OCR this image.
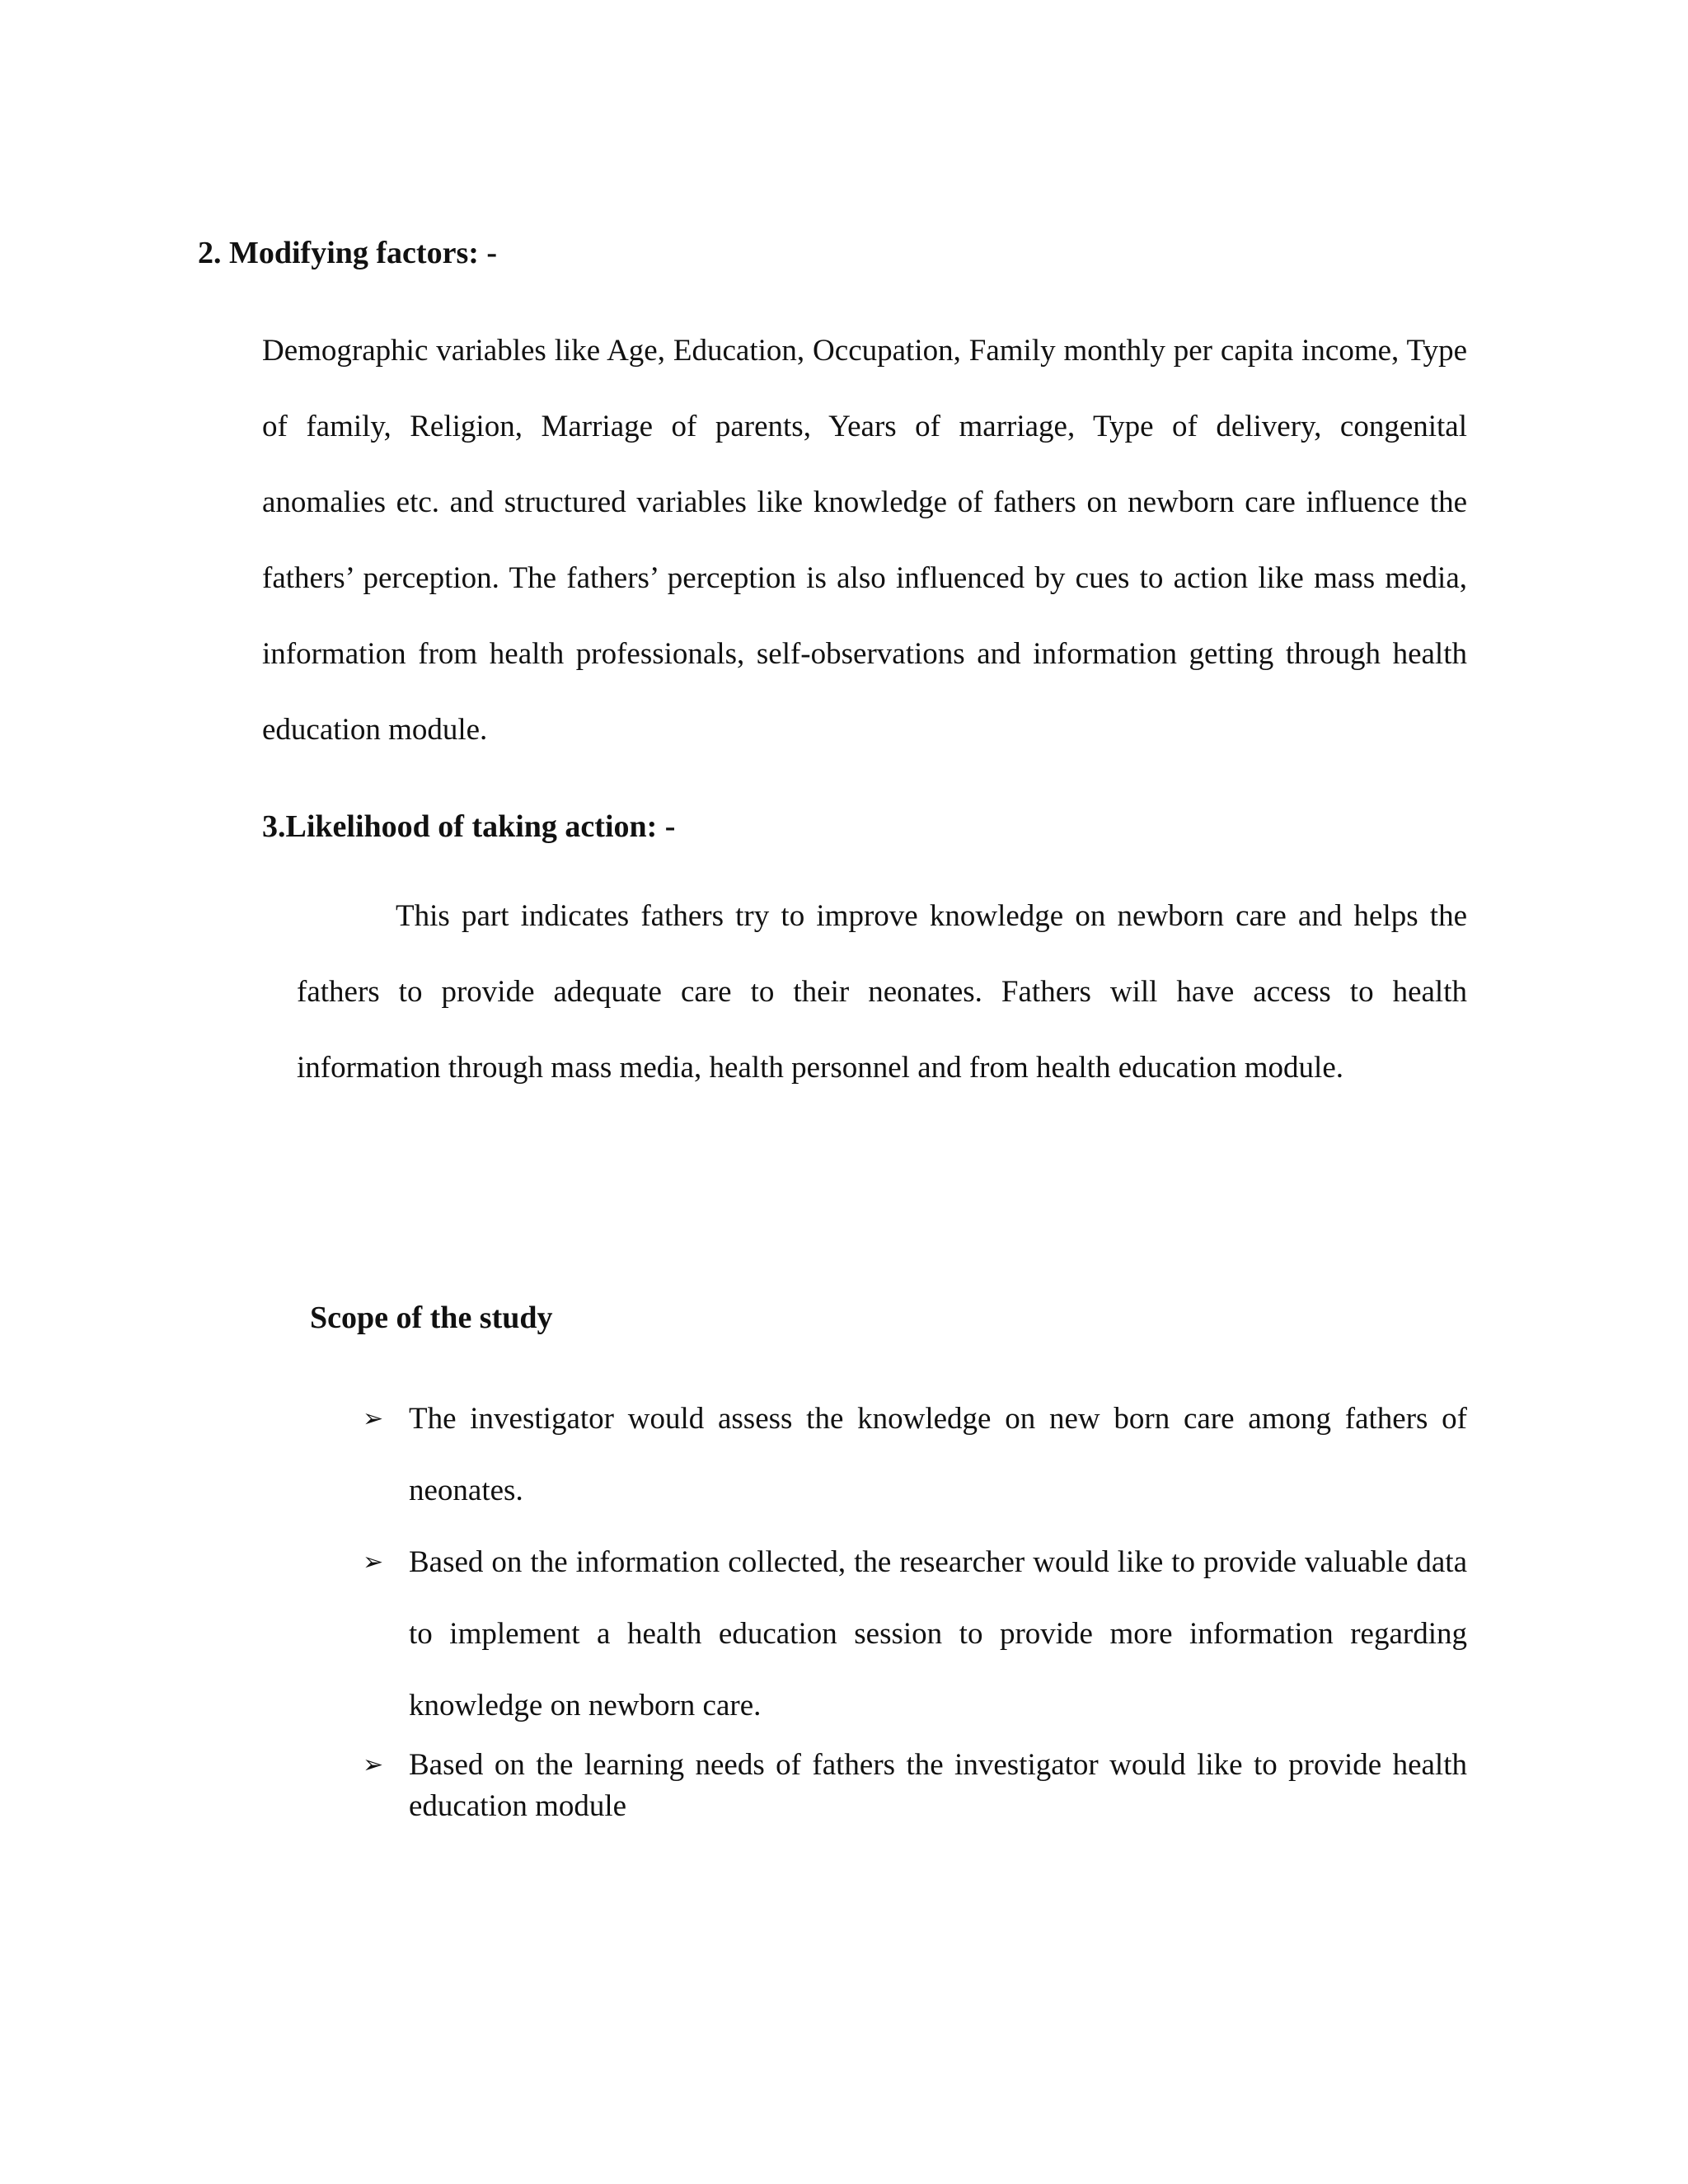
2. Modifying factors: -

Demographic variables like Age, Education, Occupation, Family monthly per capita income, Type of family, Religion, Marriage of parents, Years of marriage, Type of delivery, congenital anomalies etc. and structured variables like knowledge of fathers on newborn care influence the fathers’ perception. The fathers’ perception is also influenced by cues to action like mass media, information from health professionals, self-observations and information getting through health education module.

3.Likelihood of taking action: -

This part indicates fathers try to improve knowledge on newborn care and helps the fathers to provide adequate care to their neonates. Fathers will have access to health information through mass media, health personnel and from health education module.

Scope of the study
➢ The investigator would assess the knowledge on new born care among fathers of neonates.
➢ Based on the information collected, the researcher would like to provide valuable data to implement a health education session to provide more information regarding knowledge on newborn care.
➢ Based on the learning needs of fathers the investigator would like to provide health education module
